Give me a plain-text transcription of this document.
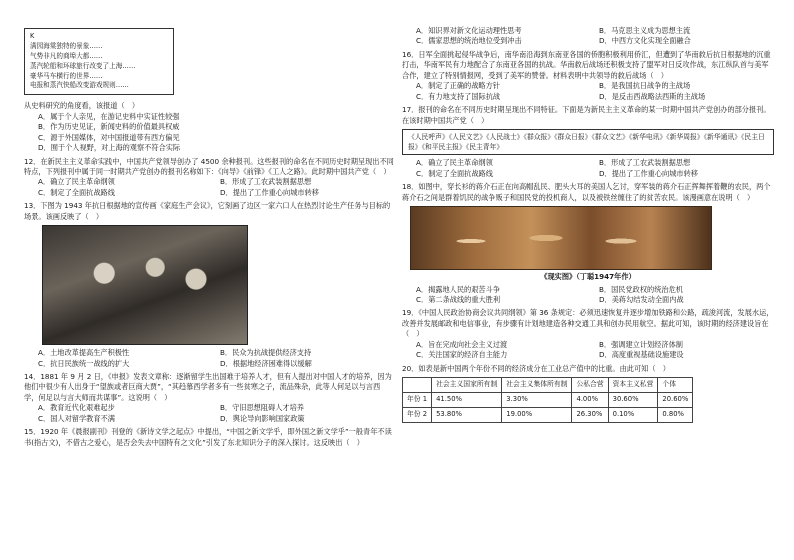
K

满园海棠独特的景象……

气势非凡的商埠大都……

蒸汽轮船和环球旅行改变了上海……

豪华马车横行的世界……

电报和蒸汽快船改变游戏规则……

从史料研究的角度看，该报道（　）

A．属于个人亲见，在游记史料中实证性较强

B．作为历史见证，新闻史料的价值最具权威

C．源于外国媒体，对中国报道带有西方偏见

D．囿于个人视野，对上海的观察不符合实际

12．在新民主主义革命实践中，中国共产党领导创办了 4500 余种报刊。这些报刊的命名在不同历史时期呈现出不同特点，下列报刊中属于同一时期共产党创办的报刊名称如下：《向导》《前锋》《工人之路》。此时期中国共产党（　）

A．确立了民主革命纲领	B．形成了工农武装割据思想

C．制定了全面抗战路线	D．提出了工作重心向城市转移

13．下图为 1943 年抗日根据地的宣传画《家庭生产会议》，它刻画了边区一家六口人在热烈讨论生产任务与目标的场景。该画反映了（　）

A．土地改革提高生产积极性	B．民众为抗战提供经济支持

C．抗日民族统一战线的扩大	D．根据地经济困难得以缓解

14．1881 年 9 月 2 日，《申报》发表文章称：逐渐留学生出国难于培养人才，但有人提出对中国人才的培养，因为他们中很少有人出身于“望族或者巨商大贾”，“其趋慕西学者多有一些贫寒之子，流品殊杂，此等人何足以与言西学，何足以与言大师而共谋事”。这说明（　）

A．教育近代化艰难起步	B．守旧思想阻碍人才培养

C．国人对留学教育不满	D．舆论导向影响国家政策

15．1920 年《晨报副刊》刊登的《新诗文学之起点》中提出，“中国之新文学乎，即外国之新文学乎”一般青年不读书(指古文)，不借古之爱心，是否会失去中国特有之文化”引发了东北知识分子的深入探讨。这反映出（　）

A．知识界对新文化运动理性思考	B．马克思主义成为思想主流

C．儒家思想的统治地位受到冲击	D．中西方文化实现全面融合

16．日军全面挑起侵华战争后，南华南沿海到东南亚各国的侨胞积极利用侨汇，但遭到了华南救后抗日根据地的沉重打击，华南军民有力地配合了东南亚各国的抗战。华南救后战场还积极支持了盟军对日反攻作战，东江纵队首与美军合作，建立了特别情报网，受到了美军的赞誉。材料表明中共领导的救后战场（　）

A．制定了正确的战略方针	B．是我国抗日战争的主战场

C．有力地支持了国际抗战	D．是反击西战略法西斯的主战场

17．报刊的命名在不同历史时期呈现出不同特征。下面是为新民主主义革命的某一时期中国共产党创办的部分报刊。在该时期中国共产党（　）

《人民呼声》《人民文艺》《人民战士》《群众报》《群众日报》《群众文艺》《新华电讯》《新华周报》《新华通讯》《民主日报》《和平民主报》《民主青年》

A．确立了民主革命纲领	B．形成了工农武装割据思想

C．制定了全面抗战路线	D．提出了工作重心向城市转移

18．如图中，穿长衫的蒋介石正在向高帽乱民、肥头大耳的美国人乞讨，穿军装的蒋介石正挥舞挥着鞭的农民，两个蒋介石之间是群着饥民的战争贩子和国民党的投机商人，以及被铁丝缠住了的贫苦农民。该漫画意在说明（　）

《现实图》（丁聪1947年作）

A．揭露地人民的艰苦斗争	B．国民党政权的统治危机

C．第二条战线的重大胜利	D．美蒋勾结发动全面内战

19．《中国人民政治协商会议共同纲领》第 36 条规定：必须迅速恢复并逐步增加铁路和公路，疏浚河流，发展水运，改善并发展邮政和电信事业，有步骤有计划地建造各种交通工具和创办民用航空。据此可知，该时期的经济建设旨在（　）

A．旨在完成向社会主义过渡	B．强调建立计划经济体制

C．关注国家的经济自主能力	D．高度重视基础设施建设

20．如表是新中国两个年份不同的经济成分在工业总产值中的比重。由此可知（　）

	社会主义国家所有制	社会主义集体所有制	公私合营	资本主义私营	个体
年份 1	41.50%	3.30%	4.00%	30.60%	20.60%
年份 2	53.80%	19.00%	26.30%	0.10%	0.80%
